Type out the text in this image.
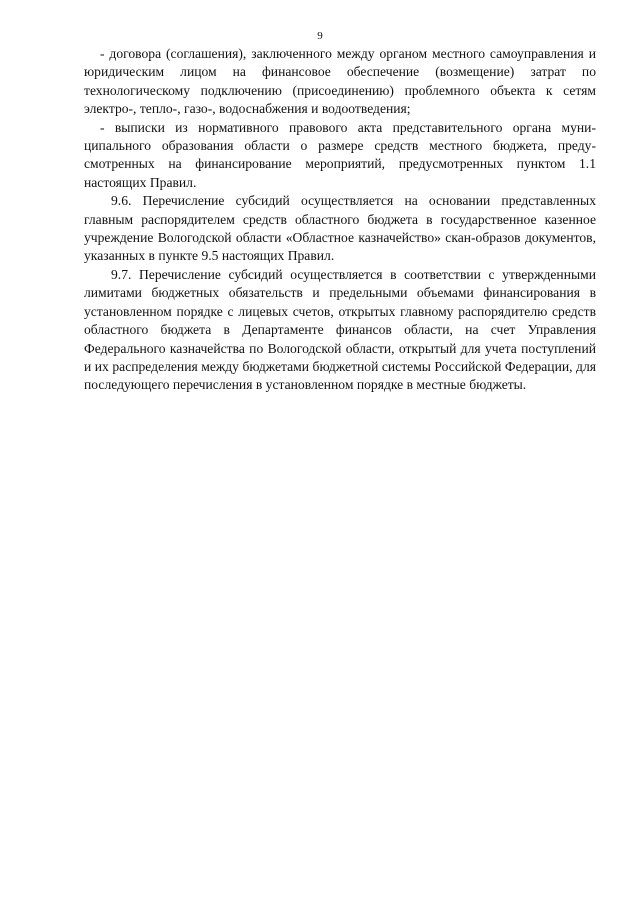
9

- договора (соглашения), заключенного между органом местного самоуправления и юридическим лицом на финансовое обеспечение (возмещение) затрат по технологическому подключению (присоединению) проблемного объекта к сетям электро-, тепло-, газо-, водоснабжения и водоотведения;

- выписки из нормативного правового акта представительного органа муниципального образования области о размере средств местного бюджета, предусмотренных на финансирование мероприятий, предусмотренных пунктом 1.1 настоящих Правил.

9.6. Перечисление субсидий осуществляется на основании представленных главным распорядителем средств областного бюджета в государственное казенное учреждение Вологодской области «Областное казначейство» скан-образов документов, указанных в пункте 9.5 настоящих Правил.

9.7. Перечисление субсидий осуществляется в соответствии с утвержденными лимитами бюджетных обязательств и предельными объемами финансирования в установленном порядке с лицевых счетов, открытых главному распорядителю средств областного бюджета в Департаменте финансов области, на счет Управления Федерального казначейства по Вологодской области, открытый для учета поступлений и их распределения между бюджетами бюджетной системы Российской Федерации, для последующего перечисления в установленном порядке в местные бюджеты.
